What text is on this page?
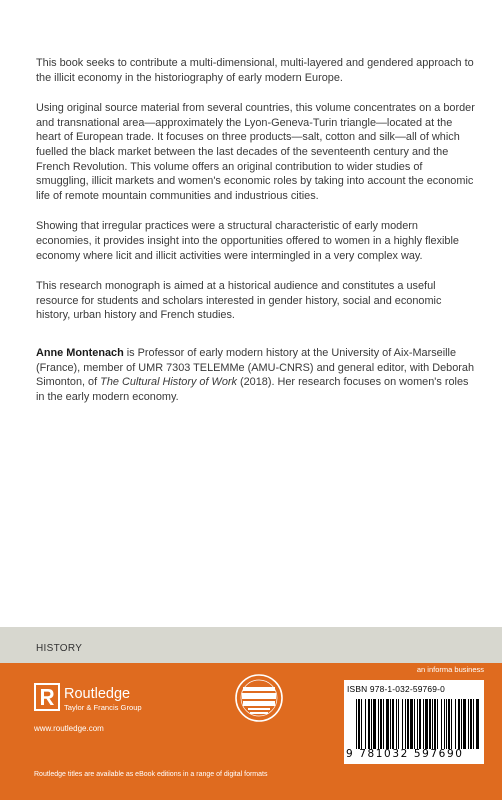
This book seeks to contribute a multi-dimensional, multi-layered and gendered approach to the illicit economy in the historiography of early modern Europe.

Using original source material from several countries, this volume concentrates on a border and transnational area—approximately the Lyon-Geneva-Turin triangle—located at the heart of European trade. It focuses on three products—salt, cotton and silk—all of which fuelled the black market between the last decades of the seventeenth century and the French Revolution. This volume offers an original contribution to wider studies of smuggling, illicit markets and women's economic roles by taking into account the economic life of remote mountain communities and industrious cities.

Showing that irregular practices were a structural characteristic of early modern economies, it provides insight into the opportunities offered to women in a highly flexible economy where licit and illicit activities were intermingled in a very complex way.

This research monograph is aimed at a historical audience and constitutes a useful resource for students and scholars interested in gender history, social and economic history, urban history and French studies.

Anne Montenach is Professor of early modern history at the University of Aix-Marseille (France), member of UMR 7303 TELEMMe (AMU-CNRS) and general editor, with Deborah Simonton, of The Cultural History of Work (2018). Her research focuses on women's roles in the early modern economy.

HISTORY
an informa business
Routledge
Taylor & Francis Group
www.routledge.com
ISBN 978-1-032-59769-0
9 781032 597690
Routledge titles are available as eBook editions in a range of digital formats
